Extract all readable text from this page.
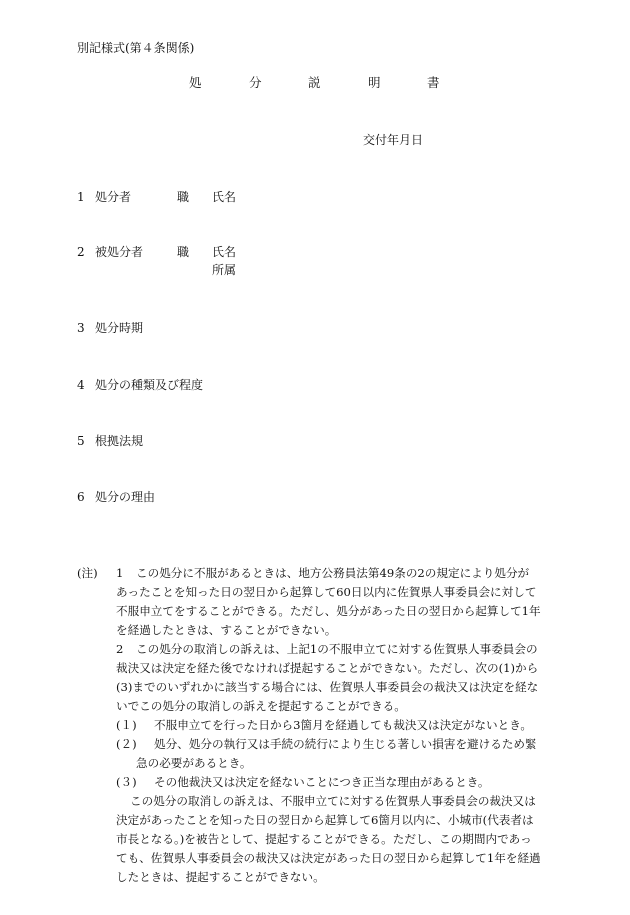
別記様式(第４条関係)
処	分	説	明	書
交付年月日
1 処分者	職 氏名
2 被処分者	職 氏名
所属
3 処分時期
4 処分の種類及び程度
5 根拠法規
6 処分の理由
(注) 1 この処分に不服があるときは、地方公務員法第49条の2の規定により処分が
あったことを知った日の翌日から起算して60日以内に佐賀県人事委員会に対して
不服申立てをすることができる。ただし、処分があった日の翌日から起算して1年
を経過したときは、することができない。
2 この処分の取消しの訴えは、上記1の不服申立てに対する佐賀県人事委員会の
裁決又は決定を経た後でなければ提起することができない。ただし、次の(1)から
(3)までのいずれかに該当する場合には、佐賀県人事委員会の裁決又は決定を経な
いでこの処分の取消しの訴えを提起することができる。
(１) 不服申立てを行った日から3箇月を経過しても裁決又は決定がないとき。
(２) 処分、処分の執行又は手続の続行により生じる著しい損害を避けるため緊
急の必要があるとき。
(３) その他裁決又は決定を経ないことにつき正当な理由があるとき。
この処分の取消しの訴えは、不服申立てに対する佐賀県人事委員会の裁決又は
決定があったことを知った日の翌日から起算して6箇月以内に、小城市(代表者は
市長となる。)を被告として、提起することができる。ただし、この期間内であっ
ても、佐賀県人事委員会の裁決又は決定があった日の翌日から起算して1年を経過
したときは、提起することができない。
